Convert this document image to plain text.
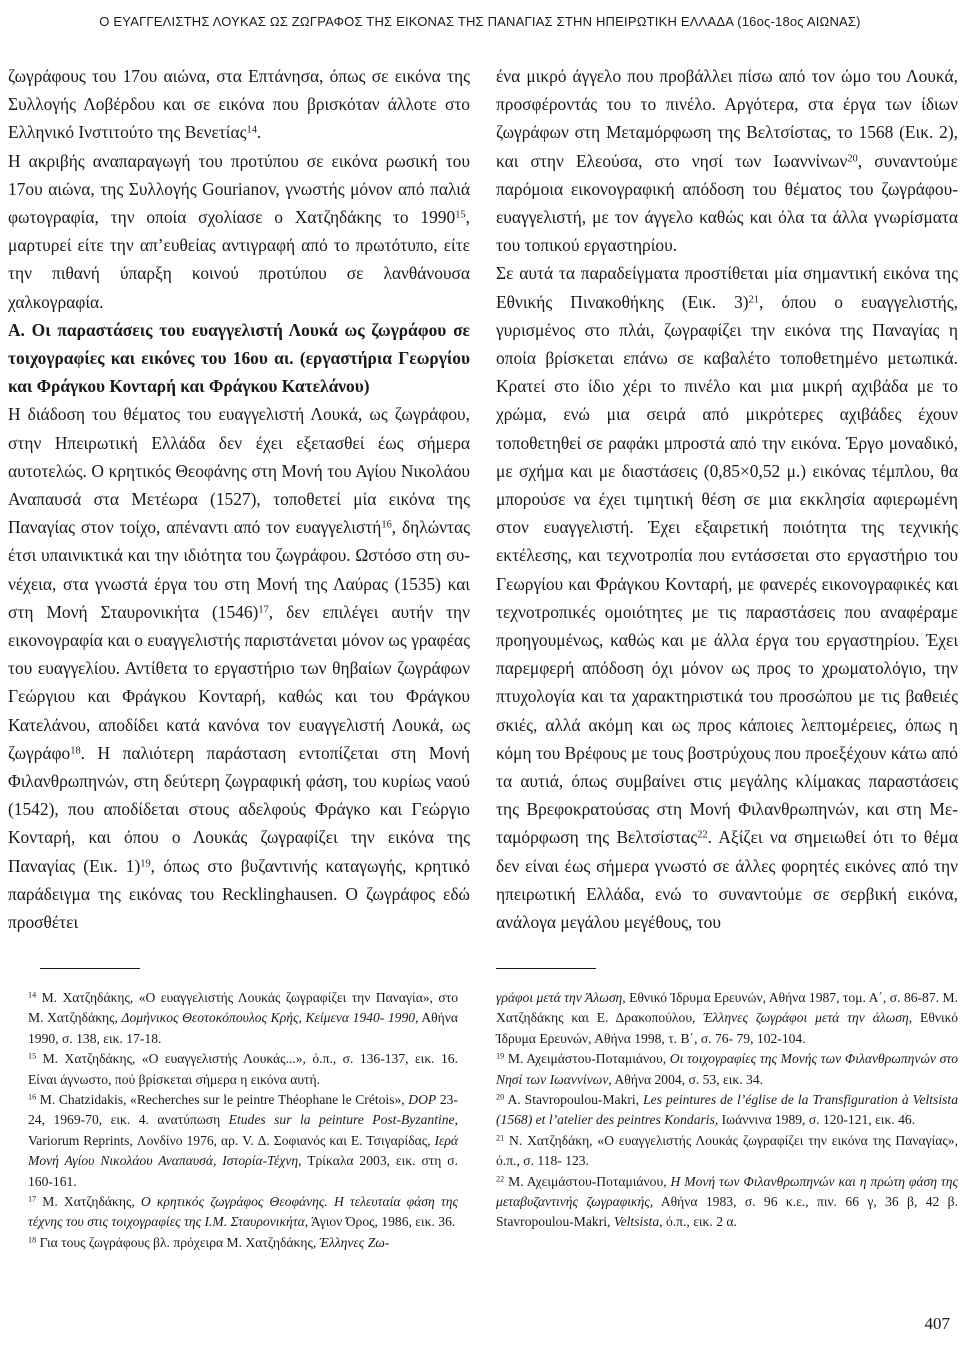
Ο ΕΥΑΓΓΕΛΙΣΤΗΣ ΛΟΥΚΑΣ ΩΣ ΖΩΓΡΑΦΟΣ ΤΗΣ ΕΙΚΟΝΑΣ ΤΗΣ ΠΑΝΑΓΙΑΣ ΣΤΗΝ ΗΠΕΙΡΩΤΙΚΗ ΕΛΛΑΔΑ (16ος-18ος ΑΙΩΝΑΣ)

ζωγράφους του 17ου αιώνα, στα Επτάνησα, όπως σε εικόνα της Συλλογής Λοβέρδου και σε εικόνα που βρισκόταν άλλοτε στο Ελληνικό Ινστιτούτο της Βενετίας$^{14}$.

Η ακριβής αναπαραγωγή του προτύπου σε εικόνα ρωσική του 17ου αιώνα, της Συλλογής Gourianov, γνωστής μόνον από παλιά φωτογραφία, την οποία σχολίασε ο Χατζηδάκης το 1990$^{15}$, μαρτυρεί είτε την απ’ευθείας αντιγραφή από το πρωτότυπο, είτε την πιθανή ύπαρξη κοινού προτύπου σε λανθάνουσα χαλκογραφία.

Α. Οι παραστάσεις του ευαγγελιστή Λουκά ως ζωγράφου σε τοιχογραφίες και εικόνες του 16ου αι. (εργαστήρια Γεωργίου και Φράγκου Κονταρή και Φράγκου Κατελάνου)

Η διάδοση του θέματος του ευαγγελιστή Λουκά, ως ζωγράφου, στην Ηπειρωτική Ελλάδα δεν έχει εξετασθεί έως σήμερα αυτοτελώς. Ο κρητικός Θεοφάνης στη Μονή του Αγίου Νικολάου Αναπαυσά στα Μετέωρα (1527), τοποθετεί μία εικόνα της Παναγίας στον τοίχο, απέναντι από τον ευαγγελιστή$^{16}$, δηλώντας έτσι υπαινικτικά και την ιδιότητα του ζωγράφου. Ωστόσο στη συνέχεια, στα γνωστά έργα του στη Μονή της Λαύρας (1535) και στη Μονή Σταυρονικήτα $(1546)^{17}$, δεν επιλέγει αυτήν την εικονογραφία και ο ευαγγελιστής παριστάνεται μόνον ως γραφέας του ευαγγελίου. Αντίθετα το εργαστήριο των θηβαίων ζωγράφων Γεώργιου και Φράγκου Κονταρή, καθώς και του Φράγκου Κατελάνου, αποδίδει κατά κανόνα τον ευαγγελιστή Λουκά, ως ζωγράφο$^{18}$. Η παλιότερη παράσταση εντοπίζεται στη Μονή Φιλανθρωπηνών, στη δεύτερη ζωγραφική φάση, του κυρίως ναού (1542), που αποδίδεται στους αδελφούς Φράγκο και Γεώργιο Κονταρή, και όπου ο Λουκάς ζωγραφίζει την εικόνα της Παναγίας (Εικ. 1)$^{19}$, όπως στο βυζαντινής καταγωγής, κρητικό παράδειγμα της εικόνας του Recklinghausen. Ο ζωγράφος εδώ προσθέτει

ένα μικρό άγγελο που προβάλλει πίσω από τον ώμο του Λουκά, προσφέροντάς του το πινέλο. Αργότερα, στα έργα των ίδιων ζωγράφων στη Μεταμόρφωση της Βελτσίστας, το 1568 (Εικ. 2), και στην Ελεούσα, στο νησί των Ιωαννίνων$^{20}$, συναντούμε παρόμοια εικονογραφική απόδοση του θέματος του ζωγράφου-ευαγγελιστή, με τον άγγελο καθώς και όλα τα άλλα γνωρίσματα του τοπικού εργαστηρίου.

Σε αυτά τα παραδείγματα προστίθεται μία σημαντική εικόνα της Εθνικής Πινακοθήκης (Εικ. 3)$^{21}$, όπου ο ευαγγελιστής, γυρισμένος στο πλάι, ζωγραφίζει την εικόνα της Παναγίας η οποία βρίσκεται επάνω σε καβαλέτο τοποθετημένο μετωπικά. Κρατεί στο ίδιο χέρι το πινέλο και μια μικρή αχιβάδα με το χρώμα, ενώ μια σειρά από μικρότερες αχιβάδες έχουν τοποθετηθεί σε ραφάκι μπροστά από την εικόνα. Έργο μοναδικό, με σχήμα και με διαστάσεις (0,85×0,52 μ.) εικόνας τέμπλου, θα μπορούσε να έχει τιμητική θέση σε μια εκκλησία αφιερωμένη στον ευαγγελιστή. Έχει εξαιρετική ποιότητα της τεχνικής εκτέλεσης, και τεχνοτροπία που εντάσσεται στο εργαστήριο του Γεωργίου και Φράγκου Κονταρή, με φανερές εικονογραφικές και τεχνοτροπικές ομοιότητες με τις παραστάσεις που αναφέραμε προηγουμένως, καθώς και με άλλα έργα του εργαστηρίου. Έχει παρεμφερή απόδοση όχι μόνον ως προς το χρωματολόγιο, την πτυχολογία και τα χαρακτηριστικά του προσώπου με τις βαθειές σκιές, αλλά ακόμη και ως προς κάποιες λεπτομέρειες, όπως η κόμη του Βρέφους με τους βοστρύχους που προεξέχουν κάτω από τα αυτιά, όπως συμβαίνει στις μεγάλης κλίμακας παραστάσεις της Βρεφοκρατούσας στη Μονή Φιλανθρωπηνών, και στη Μεταμόρφωση της Βελτσίστας$^{22}$. Αξίζει να σημειωθεί ότι το θέμα δεν είναι έως σήμερα γνωστό σε άλλες φορητές εικόνες από την ηπειρωτική Ελλάδα, ενώ το συναντούμε σε σερβική εικόνα, ανάλογα μεγάλου μεγέθους, του

$^{14}$ Μ. Χατζηδάκης, «Ο ευαγγελιστής Λουκάς ζωγραφίζει την Παναγία», στο Μ. Χατζηδάκης, Δομήνικος Θεοτοκόπουλος Κρής, Κείμενα 1940- 1990, Αθήνα 1990, σ. 138, εικ. 17-18.

$^{15}$ Μ. Χατζηδάκης, «Ο ευαγγελιστής Λουκάς...», ό.π., σ. 136-137, εικ. 16. Είναι άγνωστο, πού βρίσκεται σήμερα η εικόνα αυτή.

$^{16}$ M. Chatzidakis, «Recherches sur le peintre Théophane le Crétois», DOP 23-24, 1969-70, εικ. 4. ανατύπωση Etudes sur la peinture Post-Byzantine, Variorum Reprints, Λονδίνο 1976, αρ. V. Δ. Σοφιανός και Ε. Τσιγαρίδας, Ιερά Μονή Αγίου Νικολάου Αναπαυσά, Ιστορία-Τέχνη, Τρίκαλα 2003, εικ. στη σ. 160-161.

$^{17}$ Μ. Χατζηδάκης, Ο κρητικός ζωγράφος Θεοφάνης. Η τελευταία φάση της τέχνης του στις τοιχογραφίες της Ι.Μ. Σταυρονικήτα, Άγιον Όρος, 1986, εικ. 36.

$^{18}$ Για τους ζωγράφους βλ. πρόχειρα Μ. Χατζηδάκης, Έλληνες Ζω-

γράφοι μετά την Άλωση, Εθνικό Ίδρυμα Ερευνών, Αθήνα 1987, τομ. Α΄, σ. 86-87. Μ. Χατζηδάκης και Ε. Δρακοπούλου, Έλληνες ζωγράφοι μετά την άλωση, Εθνικό Ίδρυμα Ερευνών, Αθήνα 1998, τ. Β΄, σ. 76- 79, 102-104.

$^{19}$ Μ. Αχειμάστου-Ποταμιάνου, Οι τοιχογραφίες της Μονής των Φιλανθρωπηνών στο Νησί των Ιωαννίνων, Αθήνα 2004, σ. 53, εικ. 34.

$^{20}$ A. Stavropoulou-Makri, Les peintures de l’église de la Transfiguration à Veltsista (1568) et l’atelier des peintres Kondaris, Ιωάννινα 1989, σ. 120-121, εικ. 46.

$^{21}$ Ν. Χατζηδάκη, «Ο ευαγγελιστής Λουκάς ζωγραφίζει την εικόνα της Παναγίας», ό.π., σ. 118- 123.

$^{22}$ Μ. Αχειμάστου-Ποταμιάνου, Η Μονή των Φιλανθρωπηνών και η πρώτη φάση της μεταβυζαντινής ζωγραφικής, Αθήνα 1983, σ. 96 κ.ε., πιν. 66 γ, 36 β, 42 β. Stavropoulou-Makri, Veltsista, ό.π., εικ. 2 α.

407
